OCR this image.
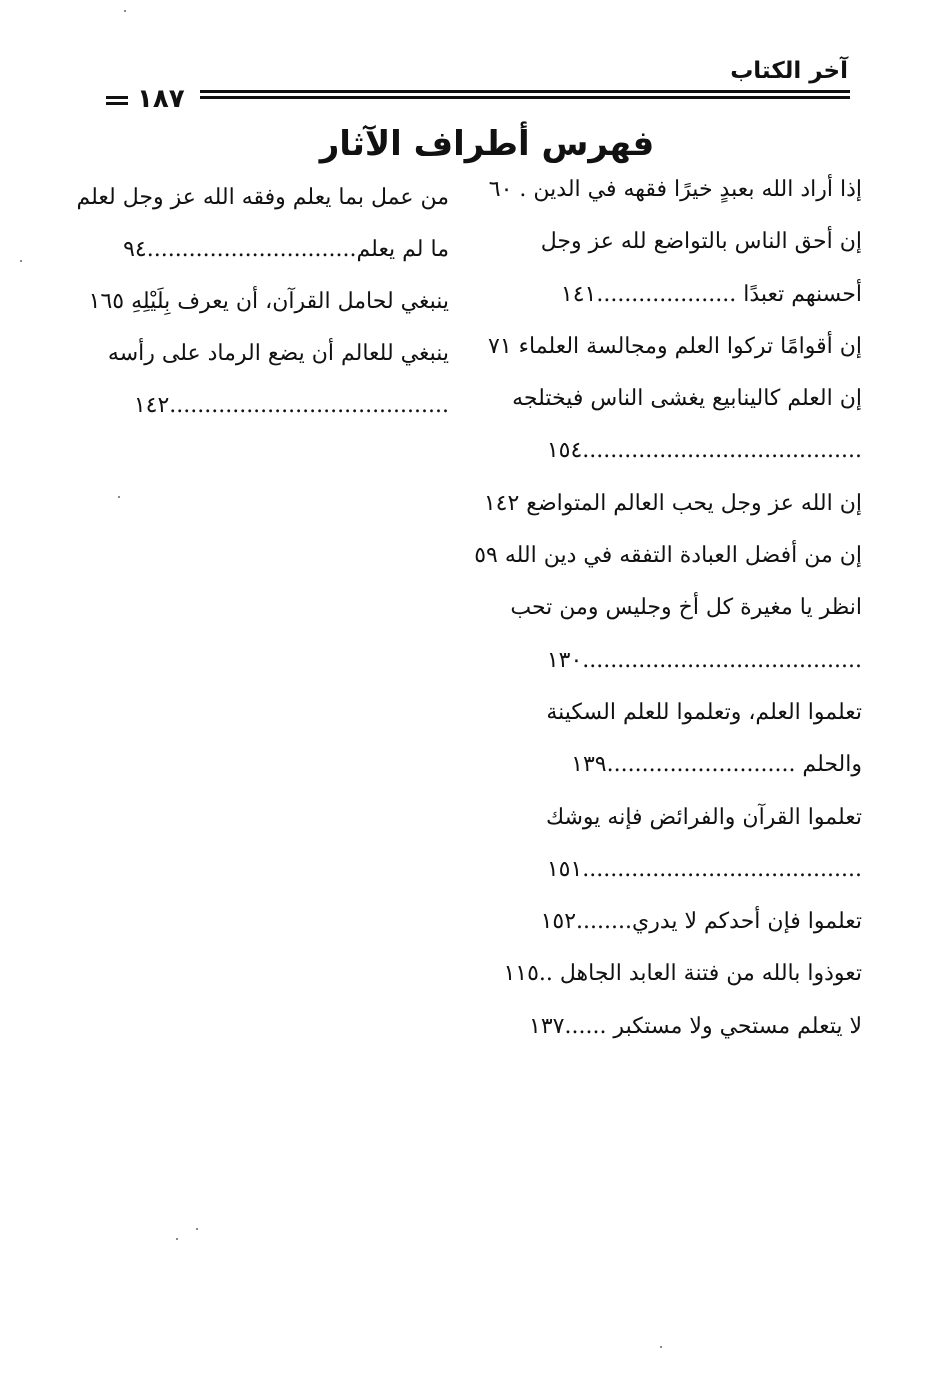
آخر الكتاب
١٨٧
فهرس أطراف الآثار
إذا أراد الله بعبدٍ خيرًا فقهه في الدين . ٦٠
إن أحق الناس بالتواضع لله عز وجل
أحسنهم تعبدًا ....................١٤١
إن أقوامًا تركوا العلم ومجالسة العلماء ٧١
إن العلم كالينابيع يغشى الناس فيختلجه
........................................١٥٤
إن الله عز وجل يحب العالم المتواضع ١٤٢
إن من أفضل العبادة التفقه في دين الله ٥٩
انظر يا مغيرة كل أخ وجليس ومن تحب
........................................١٣٠
تعلموا العلم، وتعلموا للعلم السكينة
والحلم ...........................١٣٩
تعلموا القرآن والفرائض فإنه يوشك
........................................١٥١
تعلموا فإن أحدكم لا يدري........١٥٢
تعوذوا بالله من فتنة العابد الجاهل ..١١٥
لا يتعلم مستحي ولا مستكبر ......١٣٧
من عمل بما يعلم وفقه الله عز وجل لعلم
ما لم يعلم..............................٩٤
ينبغي لحامل القرآن، أن يعرف بِلَيْلِهِ ١٦٥
ينبغي للعالم أن يضع الرماد على رأسه
........................................١٤٢
